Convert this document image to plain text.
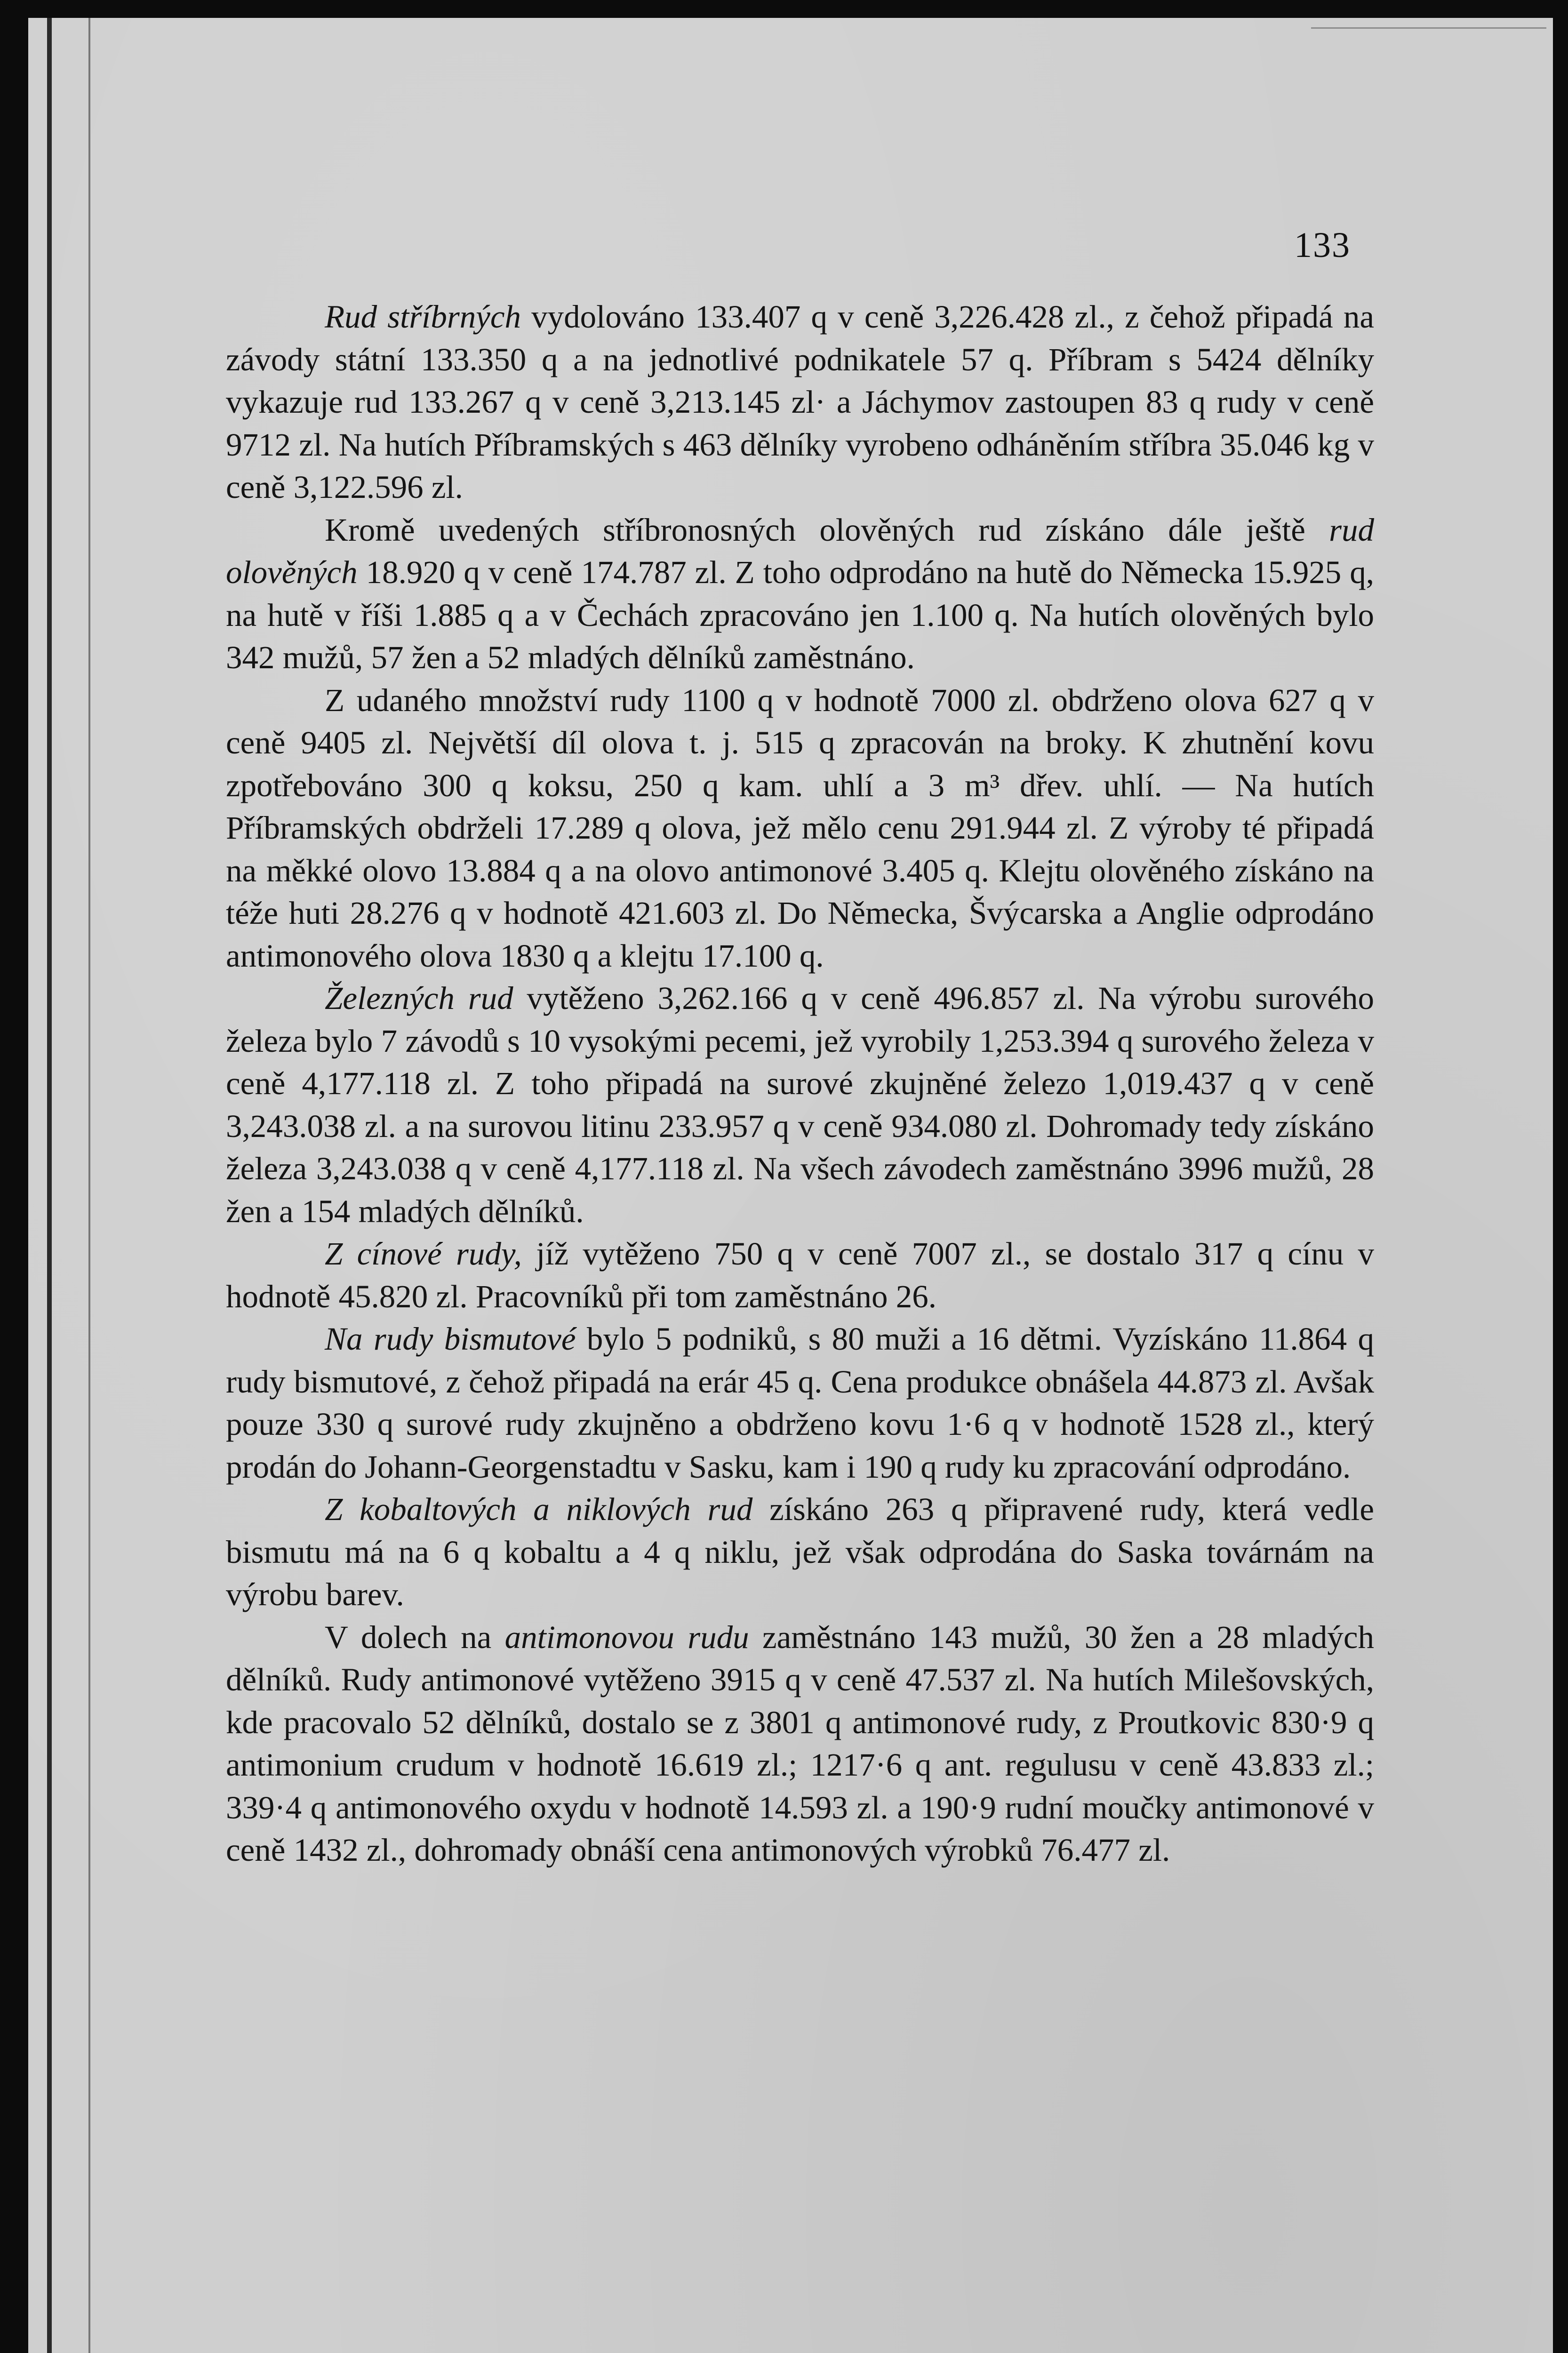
133

Rud stříbrných vydolováno 133.407 q v ceně 3,226.428 zl., z čehož připadá na závody státní 133.350 q a na jednotlivé podnikatele 57 q. Příbram s 5424 dělníky vykazuje rud 133.267 q v ceně 3,213.145 zl· a Jáchymov zastoupen 83 q rudy v ceně 9712 zl. Na hutích Příbramských s 463 dělníky vyrobeno odháněním stříbra 35.046 kg v ceně 3,122.596 zl.

Kromě uvedených stříbronosných olověných rud získáno dále ještě rud olověných 18.920 q v ceně 174.787 zl. Z toho odprodáno na hutě do Německa 15.925 q, na hutě v říši 1.885 q a v Čechách zpracováno jen 1.100 q. Na hutích olověných bylo 342 mužů, 57 žen a 52 mladých dělníků zaměstnáno.

Z udaného množství rudy 1100 q v hodnotě 7000 zl. obdrženo olova 627 q v ceně 9405 zl. Největší díl olova t. j. 515 q zpracován na broky. K zhutnění kovu zpotřebováno 300 q koksu, 250 q kam. uhlí a 3 m³ dřev. uhlí. — Na hutích Příbramských obdrželi 17.289 q olova, jež mělo cenu 291.944 zl. Z výroby té připadá na měkké olovo 13.884 q a na olovo antimonové 3.405 q. Klejtu olověného získáno na téže huti 28.276 q v hodnotě 421.603 zl. Do Německa, Švýcarska a Anglie odprodáno antimonového olova 1830 q a klejtu 17.100 q.

Železných rud vytěženo 3,262.166 q v ceně 496.857 zl. Na výrobu surového železa bylo 7 závodů s 10 vysokými pecemi, jež vyrobily 1,253.394 q surového železa v ceně 4,177.118 zl. Z toho připadá na surové zkujněné železo 1,019.437 q v ceně 3,243.038 zl. a na surovou litinu 233.957 q v ceně 934.080 zl. Dohromady tedy získáno železa 3,243.038 q v ceně 4,177.118 zl. Na všech závodech zaměstnáno 3996 mužů, 28 žen a 154 mladých dělníků.

Z cínové rudy, jíž vytěženo 750 q v ceně 7007 zl., se dostalo 317 q cínu v hodnotě 45.820 zl. Pracovníků při tom zaměstnáno 26.

Na rudy bismutové bylo 5 podniků, s 80 muži a 16 dětmi. Vyzískáno 11.864 q rudy bismutové, z čehož připadá na erár 45 q. Cena produkce obnášela 44.873 zl. Avšak pouze 330 q surové rudy zkujněno a obdrženo kovu 1·6 q v hodnotě 1528 zl., který prodán do Johann-Georgenstadtu v Sasku, kam i 190 q rudy ku zpracování odprodáno.

Z kobaltových a niklových rud získáno 263 q připravené rudy, která vedle bismutu má na 6 q kobaltu a 4 q niklu, jež však odprodána do Saska továrnám na výrobu barev.

V dolech na antimonovou rudu zaměstnáno 143 mužů, 30 žen a 28 mladých dělníků. Rudy antimonové vytěženo 3915 q v ceně 47.537 zl. Na hutích Milešovských, kde pracovalo 52 dělníků, dostalo se z 3801 q antimonové rudy, z Proutkovic 830·9 q antimonium crudum v hodnotě 16.619 zl.; 1217·6 q ant. regulusu v ceně 43.833 zl.; 339·4 q antimonového oxydu v hodnotě 14.593 zl. a 190·9 rudní moučky antimonové v ceně 1432 zl., dohromady obnáší cena antimonových výrobků 76.477 zl.
